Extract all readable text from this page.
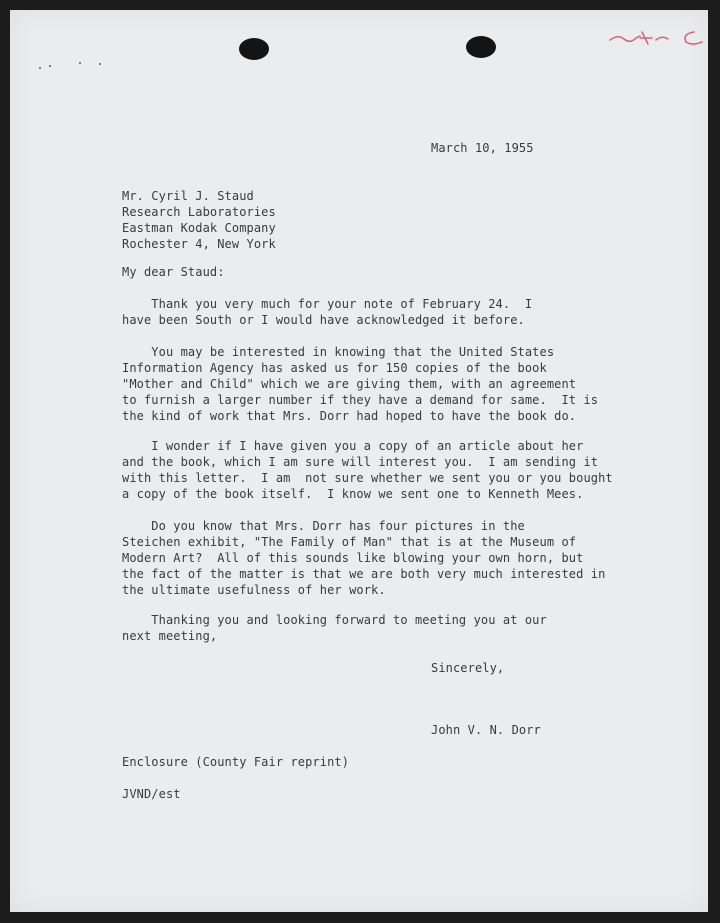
March 10, 1955
Mr. Cyril J. Staud
Research Laboratories
Eastman Kodak Company
Rochester 4, New York
My dear Staud:
Thank you very much for your note of February 24.  I
have been South or I would have acknowledged it before.
You may be interested in knowing that the United States
Information Agency has asked us for 150 copies of the book
"Mother and Child" which we are giving them, with an agreement
to furnish a larger number if they have a demand for same.  It is
the kind of work that Mrs. Dorr had hoped to have the book do.
I wonder if I have given you a copy of an article about her
and the book, which I am sure will interest you.  I am sending it
with this letter.  I am  not sure whether we sent you or you bought
a copy of the book itself.  I know we sent one to Kenneth Mees.
Do you know that Mrs. Dorr has four pictures in the
Steichen exhibit, "The Family of Man" that is at the Museum of
Modern Art?  All of this sounds like blowing your own horn, but
the fact of the matter is that we are both very much interested in
the ultimate usefulness of her work.
Thanking you and looking forward to meeting you at our
next meeting,
Sincerely,
John V. N. Dorr
Enclosure (County Fair reprint)
JVND/est
